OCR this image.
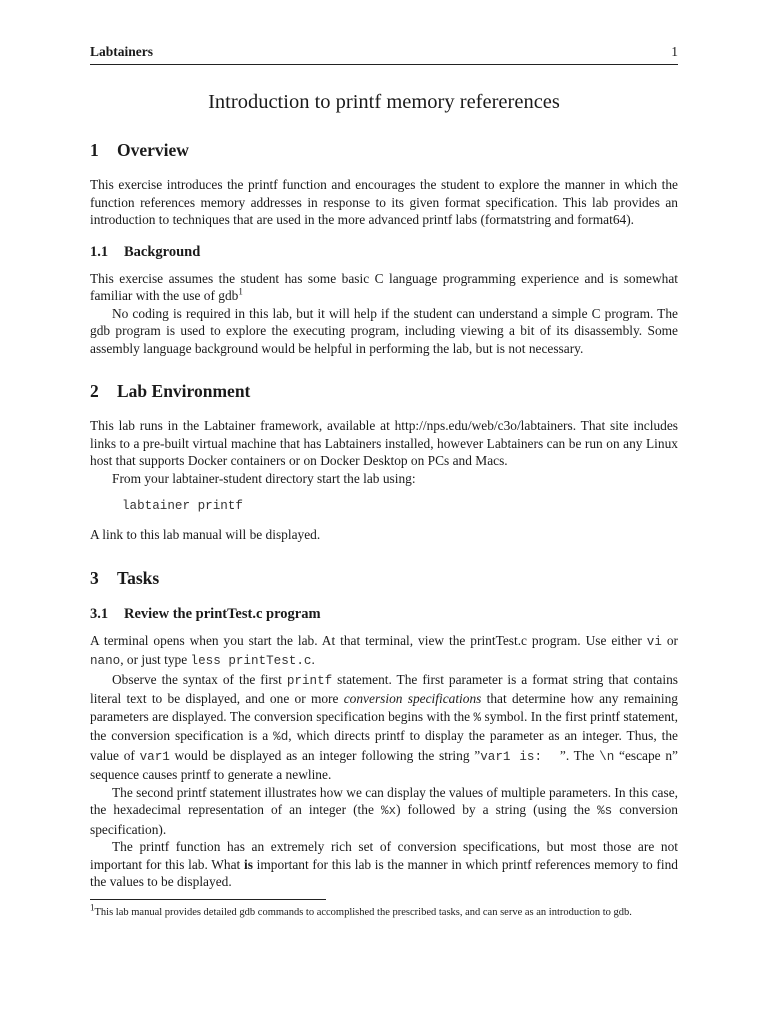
Labtainers	1
Introduction to printf memory refererences
1 Overview

This exercise introduces the printf function and encourages the student to explore the manner in which the function references memory addresses in response to its given format specification. This lab provides an introduction to techniques that are used in the more advanced printf labs (formatstring and format64).

1.1 Background

This exercise assumes the student has some basic C language programming experience and is somewhat familiar with the use of gdb$^1$

No coding is required in this lab, but it will help if the student can understand a simple C program. The gdb program is used to explore the executing program, including viewing a bit of its disassembly. Some assembly language background would be helpful in performing the lab, but is not necessary.

2 Lab Environment

This lab runs in the Labtainer framework, available at http://nps.edu/web/c3o/labtainers. That site includes links to a pre-built virtual machine that has Labtainers installed, however Labtainers can be run on any Linux host that supports Docker containers or on Docker Desktop on PCs and Macs.

From your labtainer-student directory start the lab using:

labtainer printf

A link to this lab manual will be displayed.

3 Tasks
3.1 Review the printTest.c program

A terminal opens when you start the lab. At that terminal, view the printTest.c program. Use either vi or nano, or just type less printTest.c.

Observe the syntax of the first printf statement. The first parameter is a format string that contains literal text to be displayed, and one or more conversion specifications that determine how any remaining parameters are displayed. The conversion specification begins with the % symbol. In the first printf statement, the conversion specification is a %d, which directs printf to display the parameter as an integer. Thus, the value of var1 would be displayed as an integer following the string ”var1 is:  ”. The \n “escape n” sequence causes printf to generate a newline.

The second printf statement illustrates how we can display the values of multiple parameters. In this case, the hexadecimal representation of an integer (the %x) followed by a string (using the %s conversion specification).

The printf function has an extremely rich set of conversion specifications, but most those are not important for this lab. What is important for this lab is the manner in which printf references memory to find the values to be displayed.

$^1$This lab manual provides detailed gdb commands to accomplished the prescribed tasks, and can serve as an introduction to gdb.
